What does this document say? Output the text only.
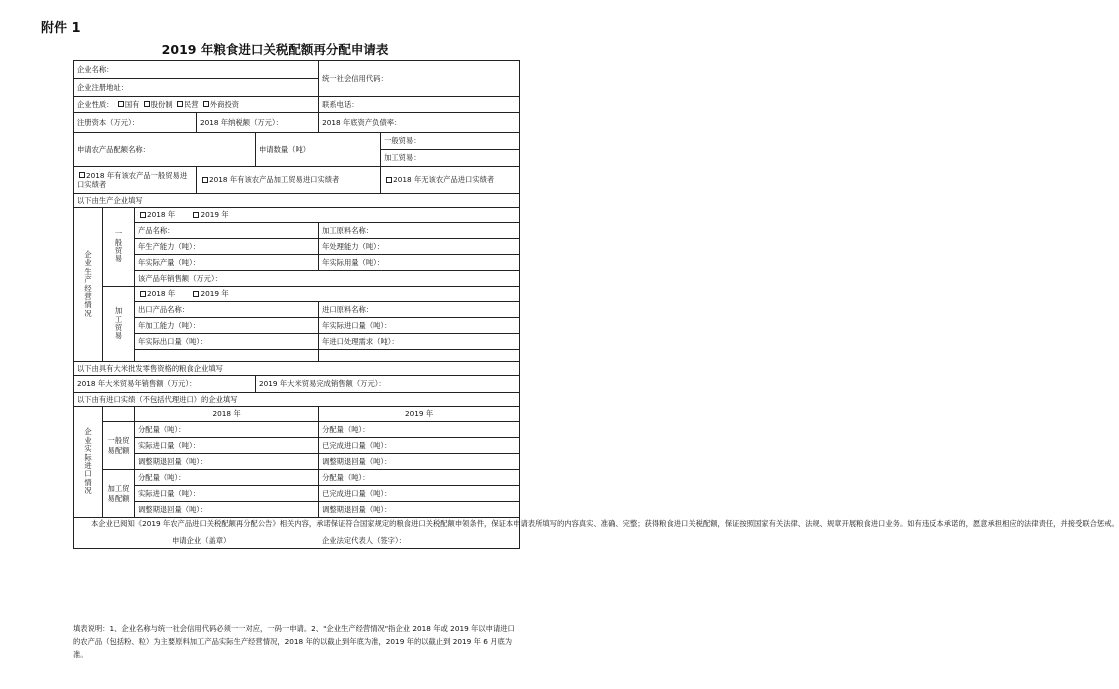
附件 1
2019 年粮食进口关税配额再分配申请表
企业名称：					统一社会信用代码：	
企业注册地址：						
企业性质： 国有 股份制 民营 外商投资					联系电话：	
注册资本（万元）：			2018 年纳税额（万元）：		2018 年底资产负债率：	
申请农产品配额名称：				申请数量（吨）		一般贸易：
						加工贸易：
2018 年有该农产品一般贸易进口实绩者			2018 年有该农产品加工贸易进口实绩者			2018 年无该农产品进口实绩者
以下由生产企业填写						
企业生产经营情况	一般贸易	2018 年 2019 年				
		产品名称：			加工原料名称：	
		年生产能力（吨）：			年处理能力（吨）：	
		年实际产量（吨）：			年实际用量（吨）：	
		该产品年销售额（万元）：				
	加工贸易	2018 年 2019 年				
		出口产品名称：			进口原料名称：	
		年加工能力（吨）：			年实际进口量（吨）：	
		年实际出口量（吨）：			年进口处理需求（吨）：	

以下由具有大米批发零售资格的粮食企业填写						
2018 年大米贸易年销售额（万元）：				2019 年大米贸易完成销售额（万元）：		
以下由有进口实绩（不包括代理进口）的企业填写						
企业实际进口情况		2018 年			2019 年	
	一般贸易配额	分配量（吨）：			分配量（吨）：	
		实际进口量（吨）：			已完成进口量（吨）：	
		调整期退回量（吨）：			调整期退回量（吨）：	
	加工贸易配额	分配量（吨）：			分配量（吨）：	
		实际进口量（吨）：			已完成进口量（吨）：	
		调整期退回量（吨）：			调整期退回量（吨）：	

本企业已阅知《2019 年农产品进口关税配额再分配公告》相关内容，承诺保证符合国家规定的粮食进口关税配额申领条件，保证本申请表所填写的内容真实、准确、完整；获得粮食进口关税配额，保证按照国家有关法律、法规、规章开展粮食进口业务。如有违反本承诺的，愿意承担相应的法律责任，并接受联合惩戒。
申请企业（盖章） 企业法定代表人（签字）：						
填表说明：1、企业名称与统一社会信用代码必须一一对应，一码一申请。2、"企业生产经营情况"指企业 2018 年或 2019 年以申请进口的农产品（包括粉、粒）为主要原料加工产品实际生产经营情况，2018 年的以截止到年底为准，2019 年的以截止到 2019 年 6 月底为准。
